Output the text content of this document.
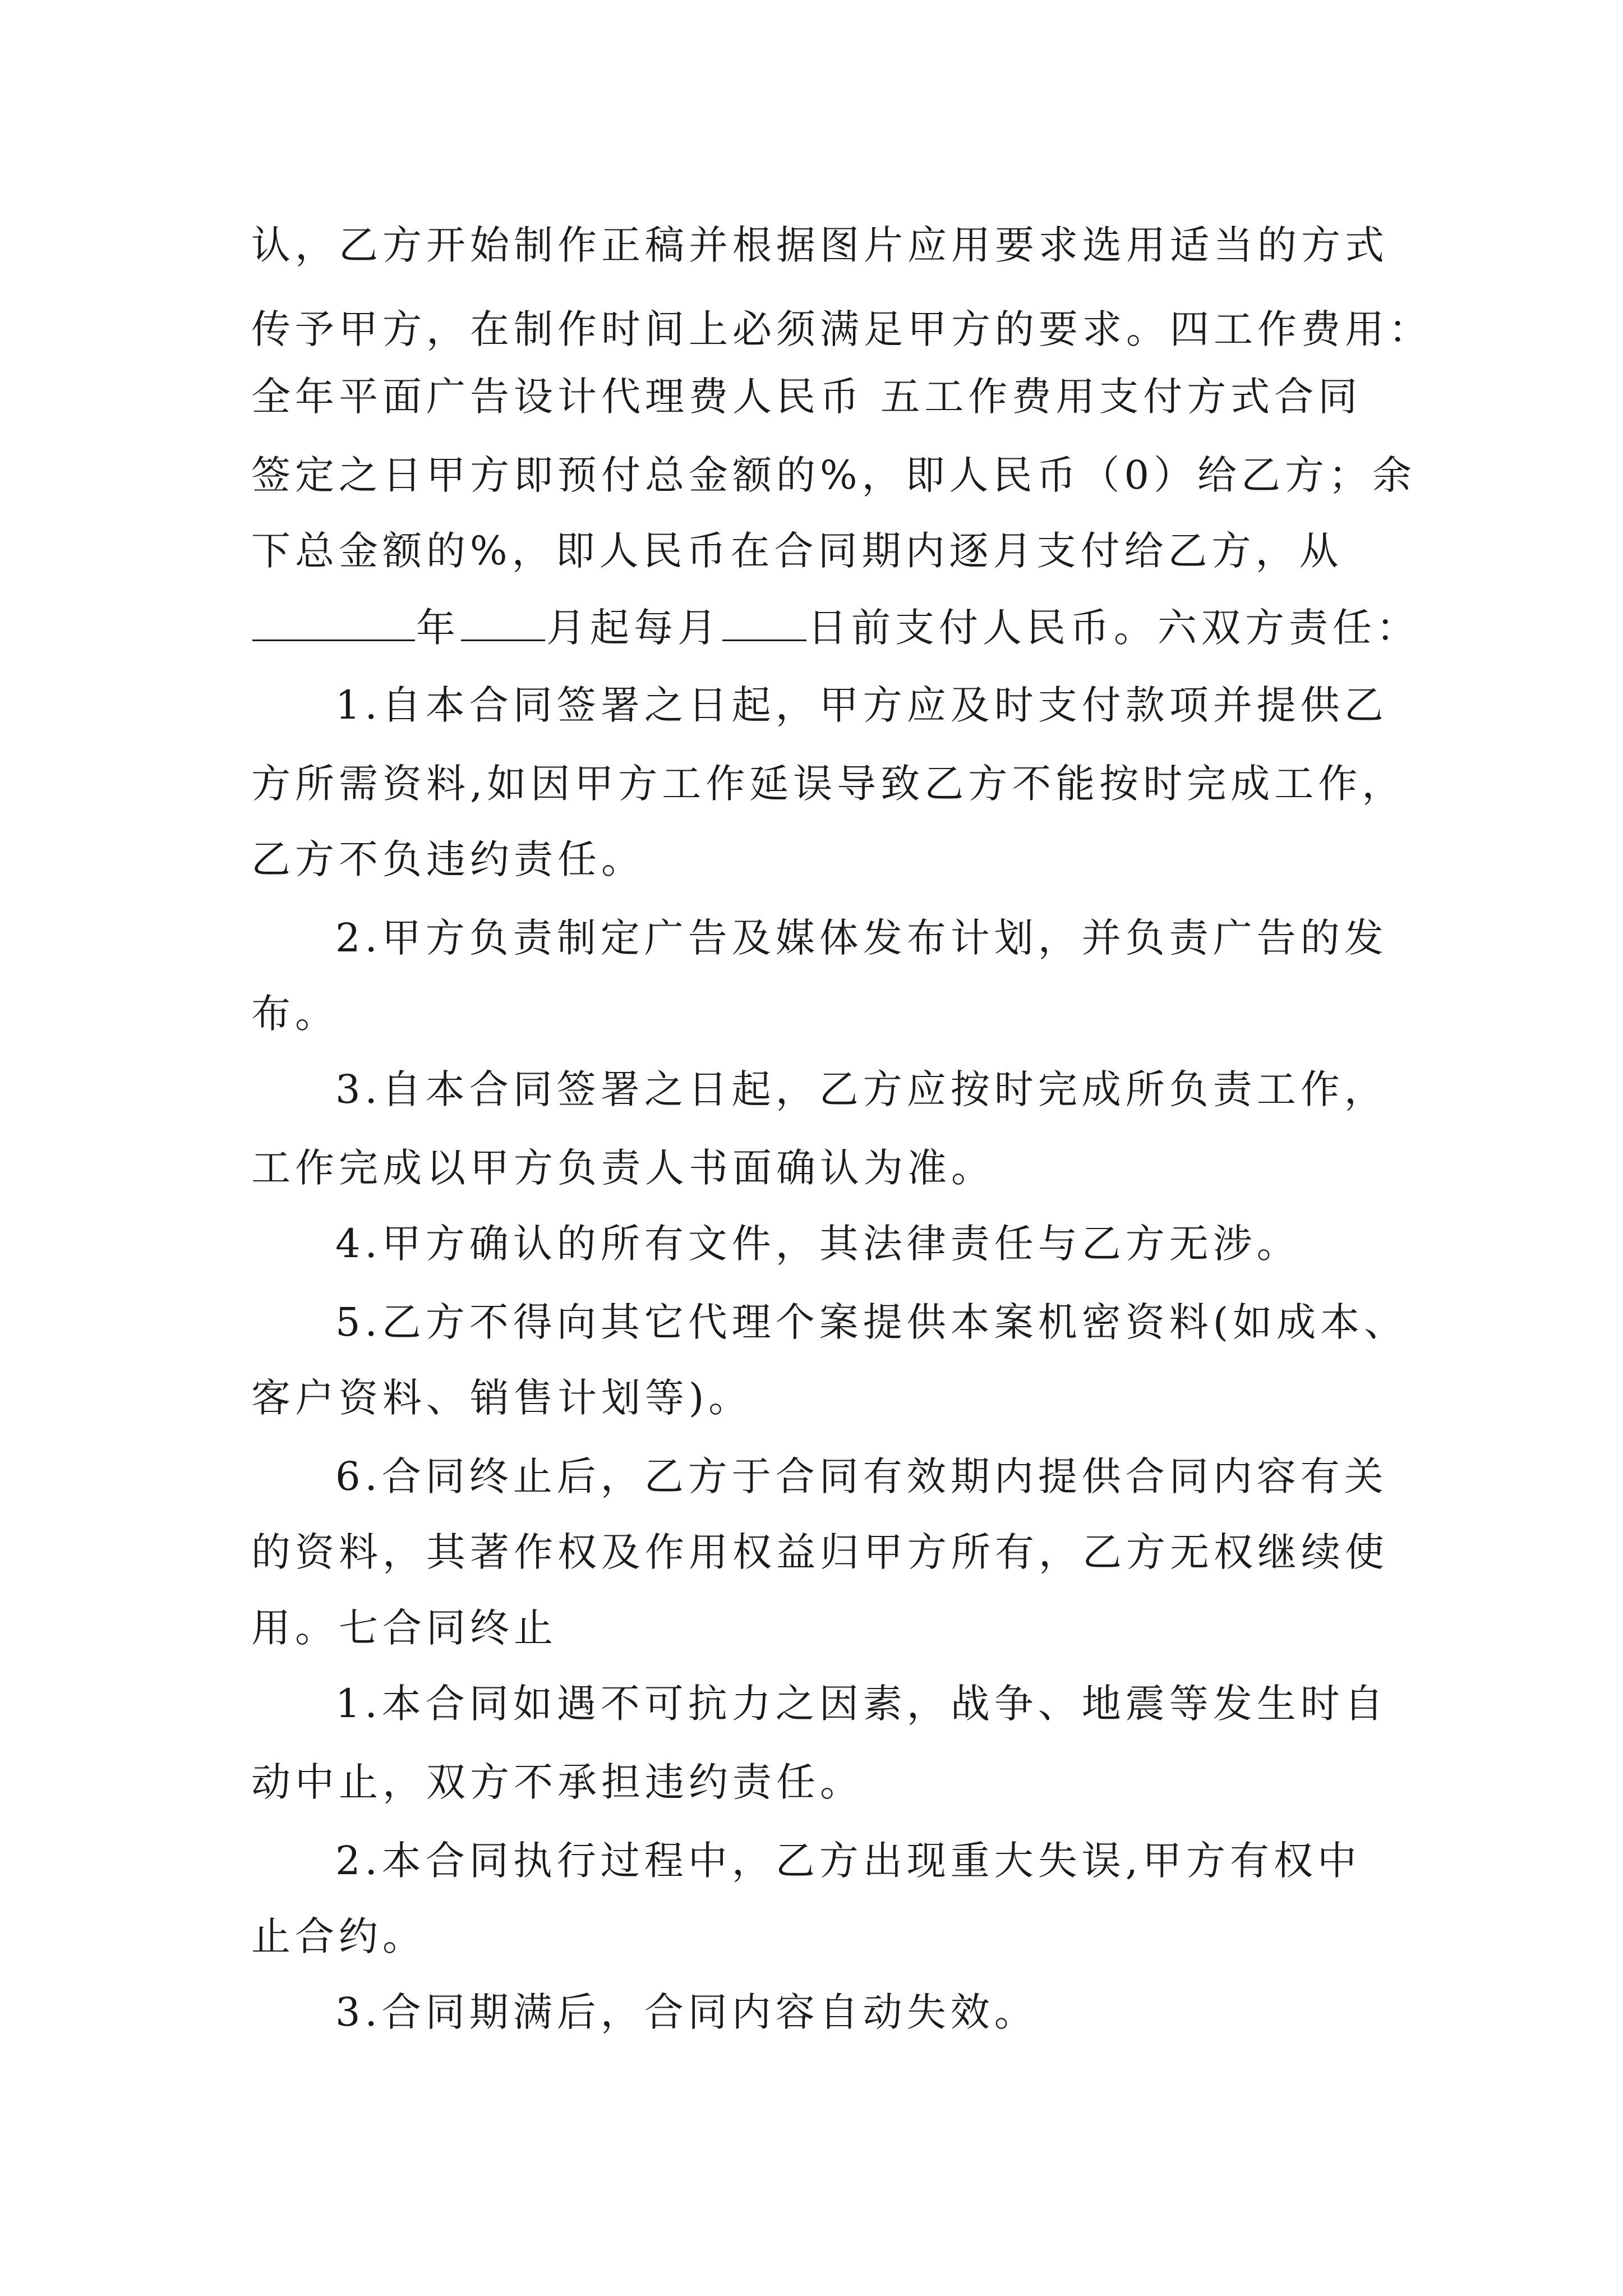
认，乙方开始制作正稿并根据图片应用要求选用适当的方式
传予甲方，在制作时间上必须满足甲方的要求。四工作费用：
全年平面广告设计代理费人民币 五工作费用支付方式合同
签定之日甲方即预付总金额的%，即人民币（0）给乙方；余
下总金额的%，即人民币在合同期内逐月支付给乙方，从
年 月起每月 日前支付人民币。六双方责任：
1.自本合同签署之日起，甲方应及时支付款项并提供乙
方所需资料,如因甲方工作延误导致乙方不能按时完成工作，
乙方不负违约责任。
2.甲方负责制定广告及媒体发布计划，并负责广告的发
布。
3.自本合同签署之日起，乙方应按时完成所负责工作，
工作完成以甲方负责人书面确认为准。
4.甲方确认的所有文件，其法律责任与乙方无涉。
5.乙方不得向其它代理个案提供本案机密资料(如成本、
客户资料、销售计划等)。
6.合同终止后，乙方于合同有效期内提供合同内容有关
的资料，其著作权及作用权益归甲方所有，乙方无权继续使
用。七合同终止
1.本合同如遇不可抗力之因素，战争、地震等发生时自
动中止，双方不承担违约责任。
2.本合同执行过程中，乙方出现重大失误,甲方有权中
止合约。
3.合同期满后，合同内容自动失效。
